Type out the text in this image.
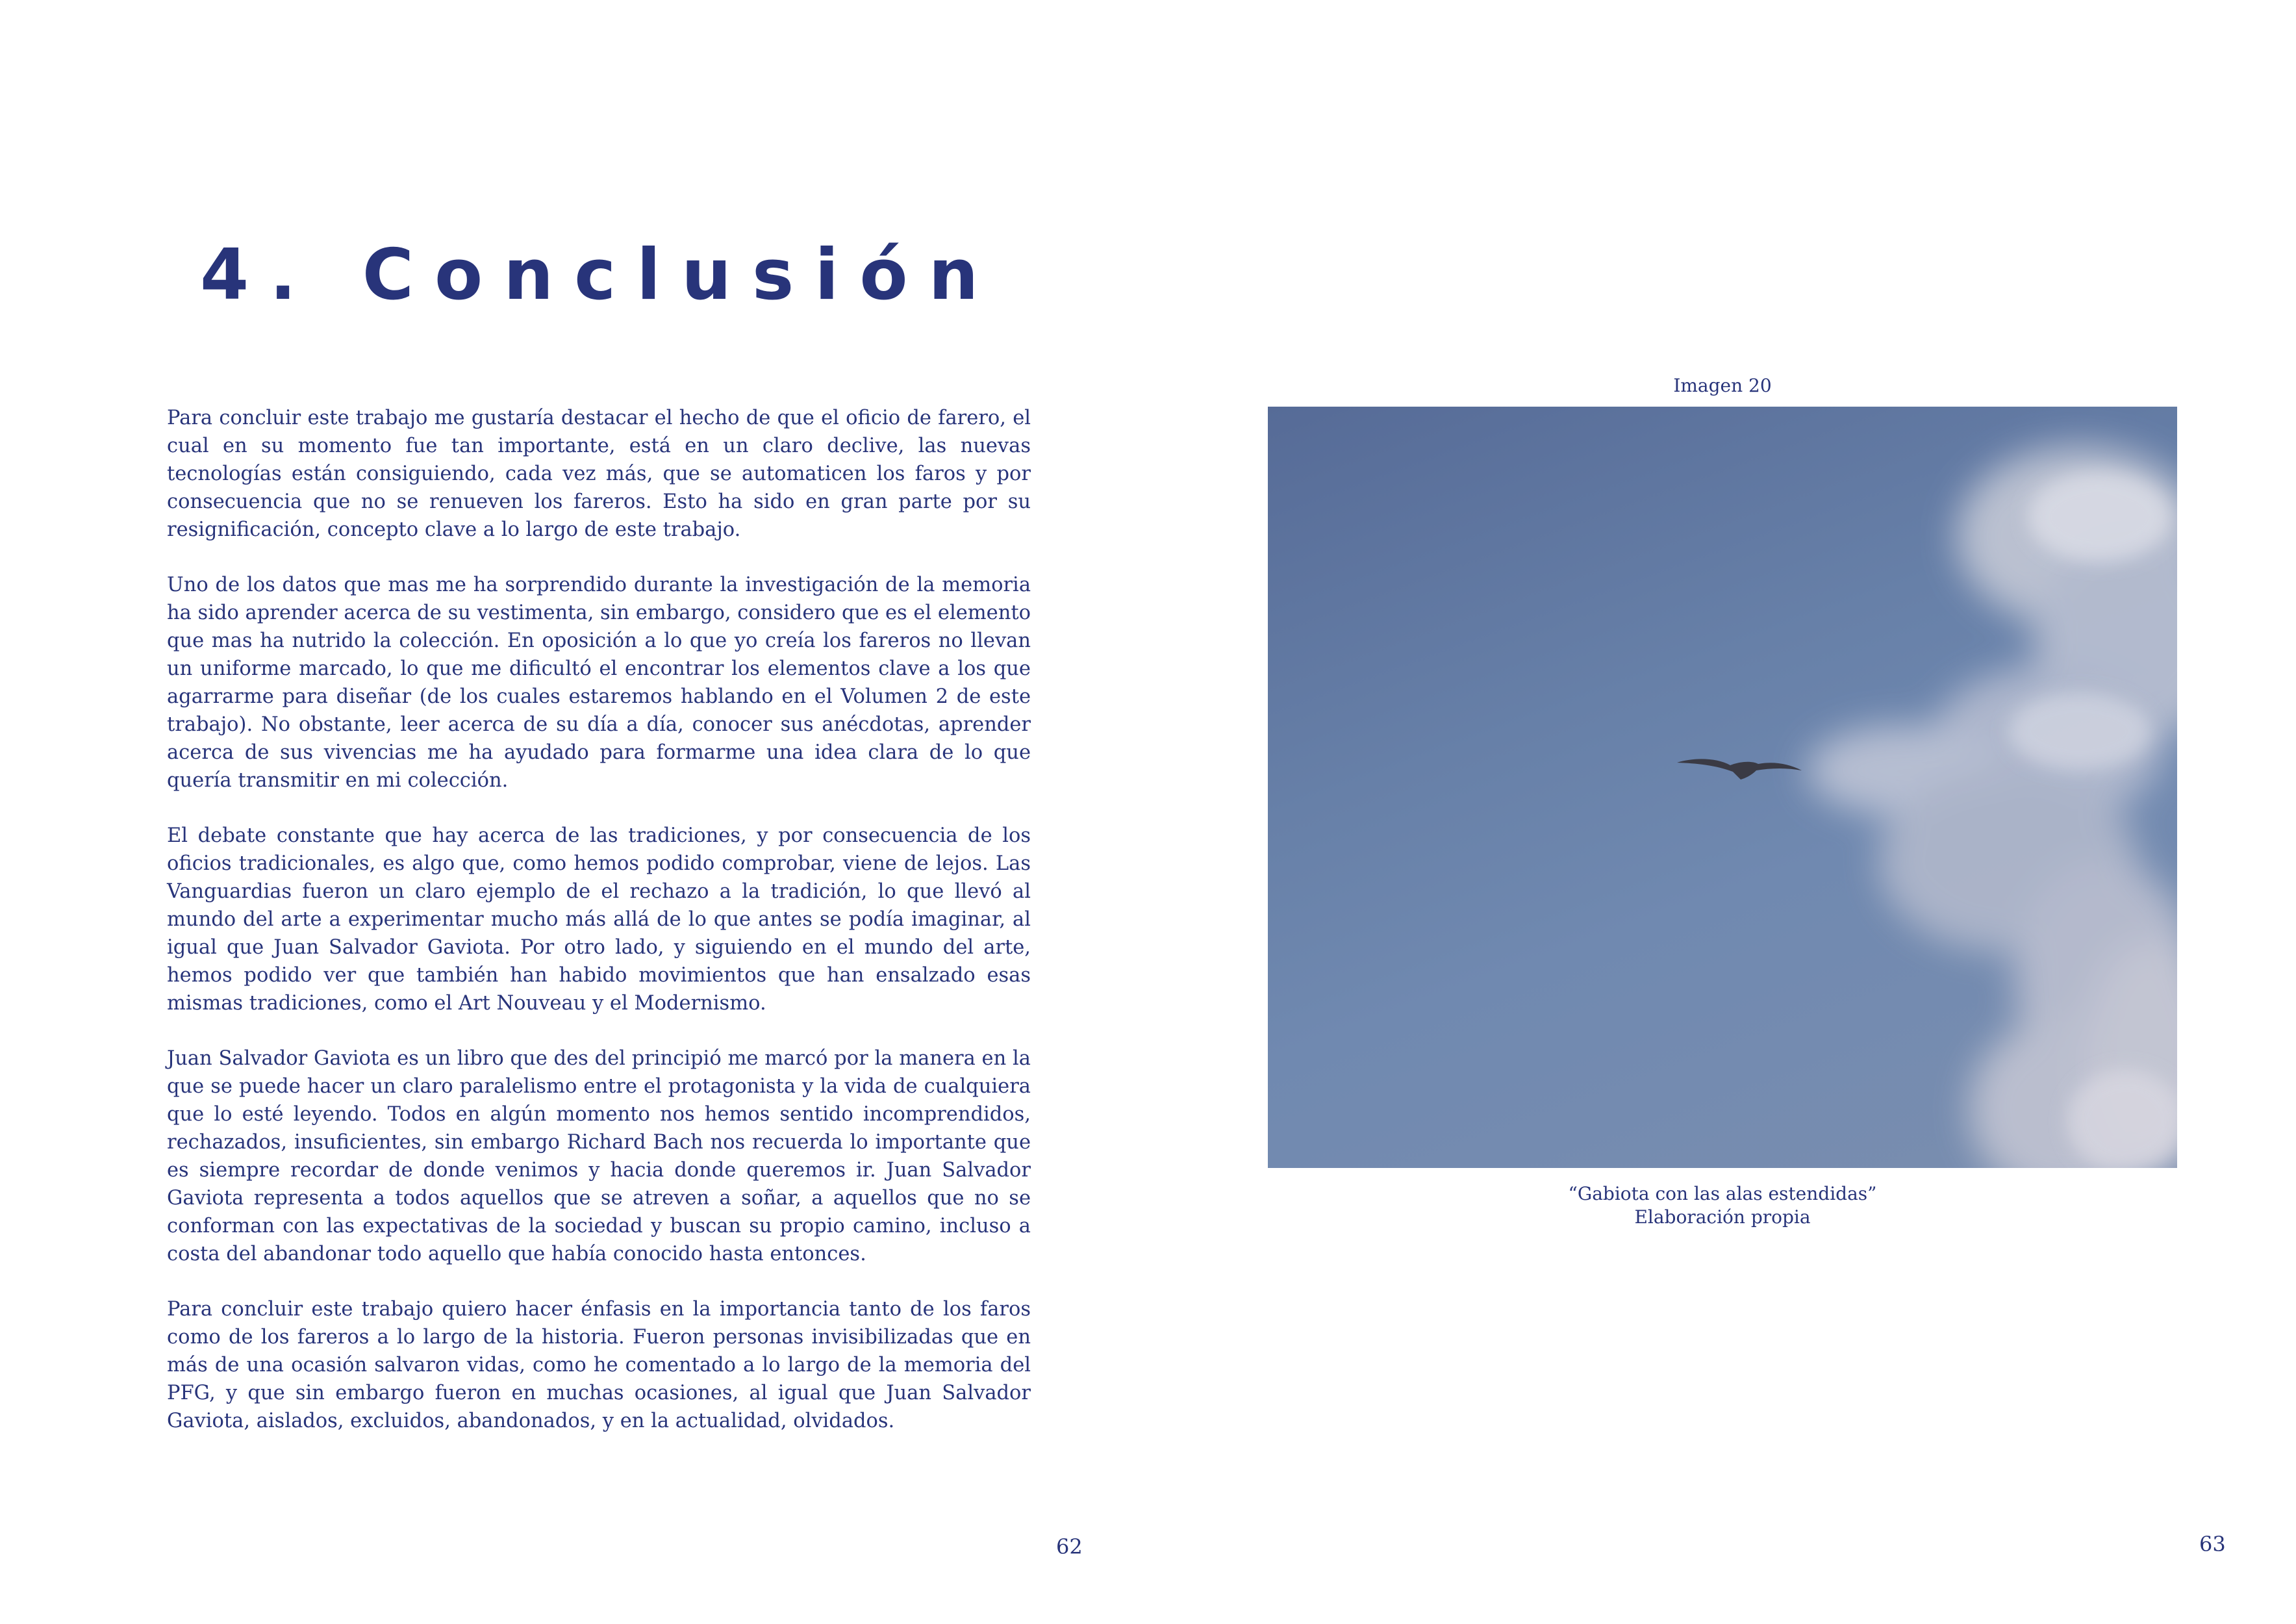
4. Conclusión

Para concluir este trabajo me gustaría destacar el hecho de que el oficio de farero, el cual en su momento fue tan importante, está en un claro declive, las nuevas tecnologías están consiguiendo, cada vez más, que se automaticen los faros y por consecuencia que no se renueven los fareros. Esto ha sido en gran parte por su resignificación, concepto clave a lo largo de este trabajo.

Uno de los datos que mas me ha sorprendido durante la investigación de la memoria ha sido aprender acerca de su vestimenta, sin embargo, considero que es el elemento que mas ha nutrido la colección. En oposición a lo que yo creía los fareros no llevan un uniforme marcado, lo que me dificultó el encontrar los elementos clave a los que agarrarme para diseñar (de los cuales estaremos hablando en el Volumen 2 de este trabajo). No obstante, leer acerca de su día a día, conocer sus anécdotas, aprender acerca de sus vivencias me ha ayudado para formarme una idea clara de lo que quería transmitir en mi colección.

El debate constante que hay acerca de las tradiciones, y por consecuencia de los oficios tradicionales, es algo que, como hemos podido comprobar, viene de lejos. Las Vanguardias fueron un claro ejemplo de el rechazo a la tradición, lo que llevó al mundo del arte a experimentar mucho más allá de lo que antes se podía imaginar, al igual que Juan Salvador Gaviota. Por otro lado, y siguiendo en el mundo del arte, hemos podido ver que también han habido movimientos que han ensalzado esas mismas tradiciones, como el Art Nouveau y el Modernismo.

Juan Salvador Gaviota es un libro que des del principió me marcó por la manera en la que se puede hacer un claro paralelismo entre el protagonista y la vida de cualquiera que lo esté leyendo. Todos en algún momento nos hemos sentido incomprendidos, rechazados, insuficientes, sin embargo Richard Bach nos recuerda lo importante que es siempre recordar de donde venimos y hacia donde queremos ir. Juan Salvador Gaviota representa a todos aquellos que se atreven a soñar, a aquellos que no se conforman con las expectativas de la sociedad y buscan su propio camino, incluso a costa del abandonar todo aquello que había conocido hasta entonces.

Para concluir este trabajo quiero hacer énfasis en la importancia tanto de los faros como de los fareros a lo largo de la historia. Fueron personas invisibilizadas que en más de una ocasión salvaron vidas, como he comentado a lo largo de la memoria del PFG, y que sin embargo fueron en muchas ocasiones, al igual que Juan Salvador Gaviota, aislados, excluidos, abandonados, y en la actualidad, olvidados.

Imagen 20
“Gabiota con las alas estendidas”
Elaboración propia
62	63
